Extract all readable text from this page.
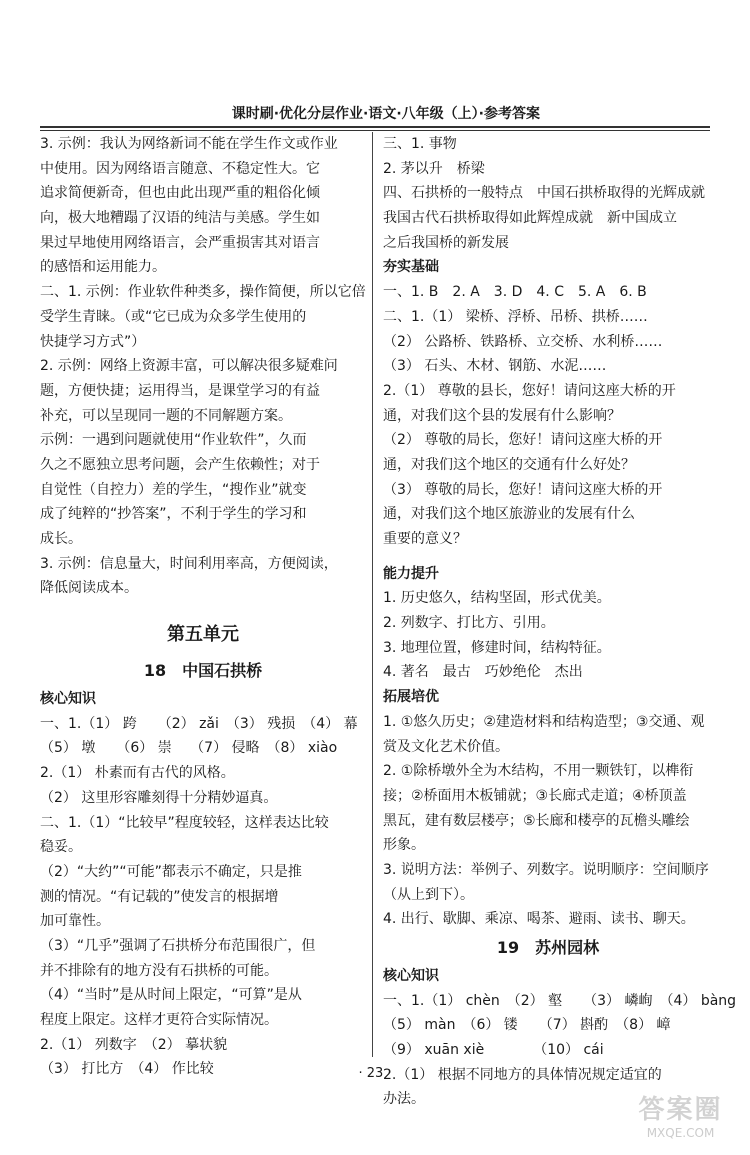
课时刷·优化分层作业·语文·八年级（上）·参考答案
3. 示例：我认为网络新词不能在学生作文或作业
中使用。因为网络语言随意、不稳定性大。它
追求简便新奇，但也由此出现严重的粗俗化倾
向，极大地糟蹋了汉语的纯洁与美感。学生如
果过早地使用网络语言，会严重损害其对语言
的感悟和运用能力。
二、1. 示例：作业软件种类多，操作简便，所以它倍
受学生青睐。（或“它已成为众多学生使用的
快捷学习方式”）
2. 示例：网络上资源丰富，可以解决很多疑难问
题，方便快捷；运用得当，是课堂学习的有益
补充，可以呈现同一题的不同解题方案。
示例：一遇到问题就使用“作业软件”，久而
久之不愿独立思考问题，会产生依赖性；对于
自觉性（自控力）差的学生，“搜作业”就变
成了纯粹的“抄答案”，不利于学生的学习和
成长。
3. 示例：信息量大，时间利用率高，方便阅读，
降低阅读成本。
第五单元
18　中国石拱桥
核心知识
一、1.（1） 跨　　（2） zǎi　（3） 残损　（4） 幕
（5） 墩　　（6） 崇　 （7） 侵略　（8） xiào
2.（1） 朴素而有古代的风格。
（2） 这里形容雕刻得十分精妙逼真。
二、1.（1）“比较早”程度较轻，这样表达比较
稳妥。
（2）“大约”“可能”都表示不确定，只是推
测的情况。“有记载的”使发言的根据增
加可靠性。
（3）“几乎”强调了石拱桥分布范围很广，但
并不排除有的地方没有石拱桥的可能。
（4）“当时”是从时间上限定，“可算”是从
程度上限定。这样才更符合实际情况。
2.（1） 列数字　（2） 摹状貌
（3） 打比方　（4） 作比较
三、1. 事物
2. 茅以升　桥梁
四、石拱桥的一般特点　中国石拱桥取得的光辉成就
我国古代石拱桥取得如此辉煌成就　新中国成立
之后我国桥的新发展
夯实基础
一、1. B　2. A　3. D　4. C　5. A　6. B
二、1.（1） 梁桥、浮桥、吊桥、拱桥……
（2） 公路桥、铁路桥、立交桥、水利桥……
（3） 石头、木材、钢筋、水泥……
2.（1） 尊敬的县长，您好！请问这座大桥的开
通，对我们这个县的发展有什么影响？
（2） 尊敬的局长，您好！请问这座大桥的开
通，对我们这个地区的交通有什么好处？
（3） 尊敬的局长，您好！请问这座大桥的开
通，对我们这个地区旅游业的发展有什么
重要的意义？
能力提升
1. 历史悠久，结构坚固，形式优美。
2. 列数字、打比方、引用。
3. 地理位置，修建时间，结构特征。
4. 著名　最古　巧妙绝伦　杰出
拓展培优
1. ①悠久历史；②建造材料和结构造型；③交通、观
赏及文化艺术价值。
2. ①除桥墩外全为木结构，不用一颗铁钉，以榫衔
接；②桥面用木板铺就；③长廊式走道；④桥顶盖
黑瓦，建有数层楼亭；⑤长廊和楼亭的瓦檐头雕绘
形象。
3. 说明方法：举例子、列数字。说明顺序：空间顺序
（从上到下）。
4. 出行、歇脚、乘凉、喝茶、避雨、读书、聊天。
19　苏州园林
核心知识
一、1.（1） chèn　（2） 壑　　（3） 嶙峋　（4） bàng
（5） màn　（6） 镂　　（7） 斟酌　（8） 嶂
（9） xuān xiè　　　　（10） cái
2.（1） 根据不同地方的具体情况规定适宜的
办法。
· 23 ·
答案圈
MXQE.COM
